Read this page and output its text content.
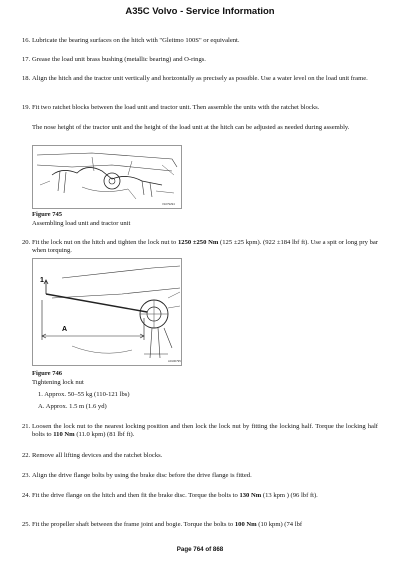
A35C Volvo - Service Information
16. Lubricate the bearing surfaces on the hitch with "Gleitmo 100S" or equivalent.
17. Grease the load unit brass bushing (metallic bearing) and O-rings.
18. Align the hitch and the tractor unit vertically and horizontally as precisely as possible. Use a water level on the load unit frame.
19. Fit two ratchet blocks between the load unit and tractor unit. Then assemble the units with the ratchet blocks.
The nose height of the tractor unit and the height of the load unit at the hitch can be adjusted as needed during assembly.
V1079294
Figure 745
Assembling load unit and tractor unit
20. Fit the lock nut on the hitch and tighten the lock nut to 1250 ±250 Nm (125 ±25 kpm). (922 ±184 lbf ft). Use a spit or long pry bar when torquing.
1
A
A0100795
Figure 746
Tightening lock nut
1. Approx. 50–55 kg (110-121 lbs)
A. Approx. 1.5 m (1.6 yd)
21. Loosen the lock nut to the nearest locking position and then lock the lock nut by fitting the locking half. Torque the locking half bolts to 110 Nm (11.0 kpm) (81 lbf ft).
22. Remove all lifting devices and the ratchet blocks.
23. Align the drive flange bolts by using the brake disc before the drive flange is fitted.
24. Fit the drive flange on the hitch and then fit the brake disc. Torque the bolts to 130 Nm (13 kpm ) (96 lbf ft).
25. Fit the propeller shaft between the frame joint and bogie. Torque the bolts to 100 Nm (10 kpm) (74 lbf
Page 764 of 868
